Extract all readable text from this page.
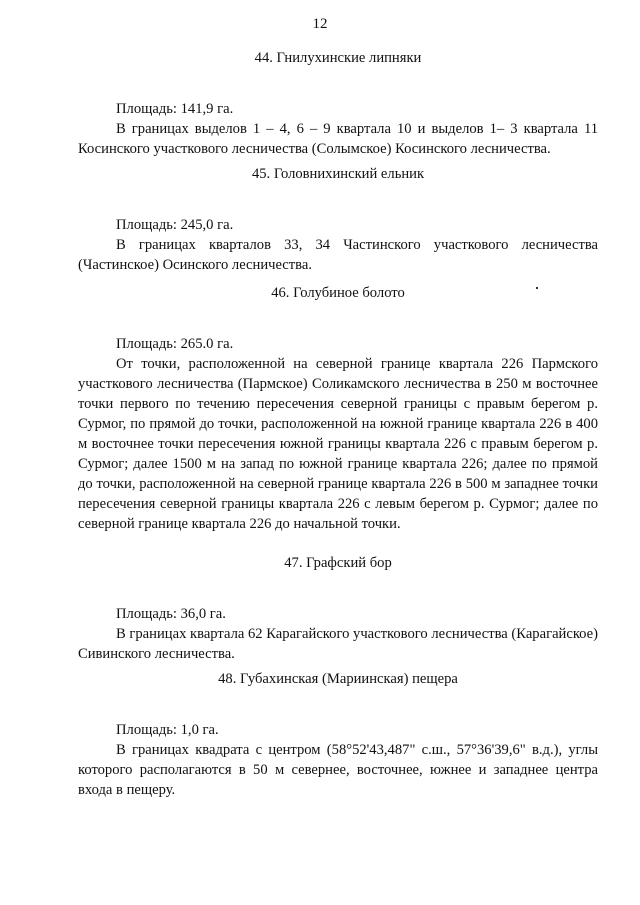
12
44. Гнилухинские липняки
Площадь: 141,9 га.
В границах выделов 1 – 4, 6 – 9 квартала 10 и выделов 1– 3 квартала 11 Косинского участкового лесничества (Солымское) Косинского лесничества.
45. Головнихинский ельник
Площадь: 245,0 га.
В границах кварталов 33, 34 Частинского участкового лесничества (Частинское) Осинского лесничества.
46. Голубиное болото
Площадь: 265.0 га.
От точки, расположенной на северной границе квартала 226 Пармского участкового лесничества (Пармское) Соликамского лесничества в 250 м восточнее точки первого по течению пересечения северной границы с правым берегом р. Сурмог, по прямой до точки, расположенной на южной границе квартала 226 в 400 м восточнее точки пересечения южной границы квартала 226 с правым берегом р. Сурмог; далее 1500 м на запад по южной границе квартала 226; далее по прямой до точки, расположенной на северной границе квартала 226 в 500 м западнее точки пересечения северной границы квартала 226 с левым берегом р. Сурмог; далее по северной границе квартала 226 до начальной точки.
47. Графский бор
Площадь: 36,0 га.
В границах квартала 62 Карагайского участкового лесничества (Карагайское) Сивинского лесничества.
48. Губахинская (Мариинская) пещера
Площадь: 1,0 га.
В границах квадрата с центром (58°52'43,487" с.ш., 57°36'39,6" в.д.), углы которого располагаются в 50 м севернее, восточнее, южнее и западнее центра входа в пещеру.
